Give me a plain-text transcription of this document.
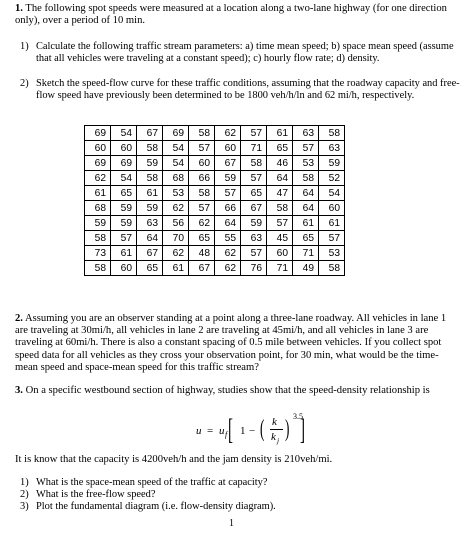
1. The following spot speeds were measured at a location along a two-lane highway (for one direction only), over a period of 10 min.

1) Calculate the following traffic stream parameters: a) time mean speed; b) space mean speed (assume that all vehicles were traveling at a constant speed); c) hourly flow rate; d) density.

2) Sketch the speed-flow curve for these traffic conditions, assuming that the roadway capacity and free-flow speed have previously been determined to be 1800 veh/h/ln and 62 mi/h, respectively.

69	54	67	69	58	62	57	61	63	58
60	60	58	54	57	60	71	65	57	63
69	69	59	54	60	67	58	46	53	59
62	54	58	68	66	59	57	64	58	52
61	65	61	53	58	57	65	47	64	54
68	59	59	62	57	66	67	58	64	60
59	59	63	56	62	64	59	57	61	61
58	57	64	70	65	55	63	45	65	57
73	61	67	62	48	62	57	60	71	53
58	60	65	61	67	62	76	71	49	58

2. Assuming you are an observer standing at a point along a three-lane roadway. All vehicles in lane 1 are traveling at 30mi/h, all vehicles in lane 2 are traveling at 45mi/h, and all vehicles in lane 3 are traveling at 60mi/h. There is also a constant spacing of 0.5 mile between vehicles. If you collect spot speed data for all vehicles as they cross your observation point, for 30 min, what would be the time-mean speed and space-mean speed for this traffic stream?

3. On a specific westbound section of highway, studies show that the speed-density relationship is

u = u f [ 1 − ( k
k j ) 3.5
]

It is know that the capacity is 4200veh/h and the jam density is 210veh/mi.

1) What is the space-mean speed of the traffic at capacity?

2) What is the free-flow speed?

3) Plot the fundamental diagram (i.e. flow-density diagram).

1
